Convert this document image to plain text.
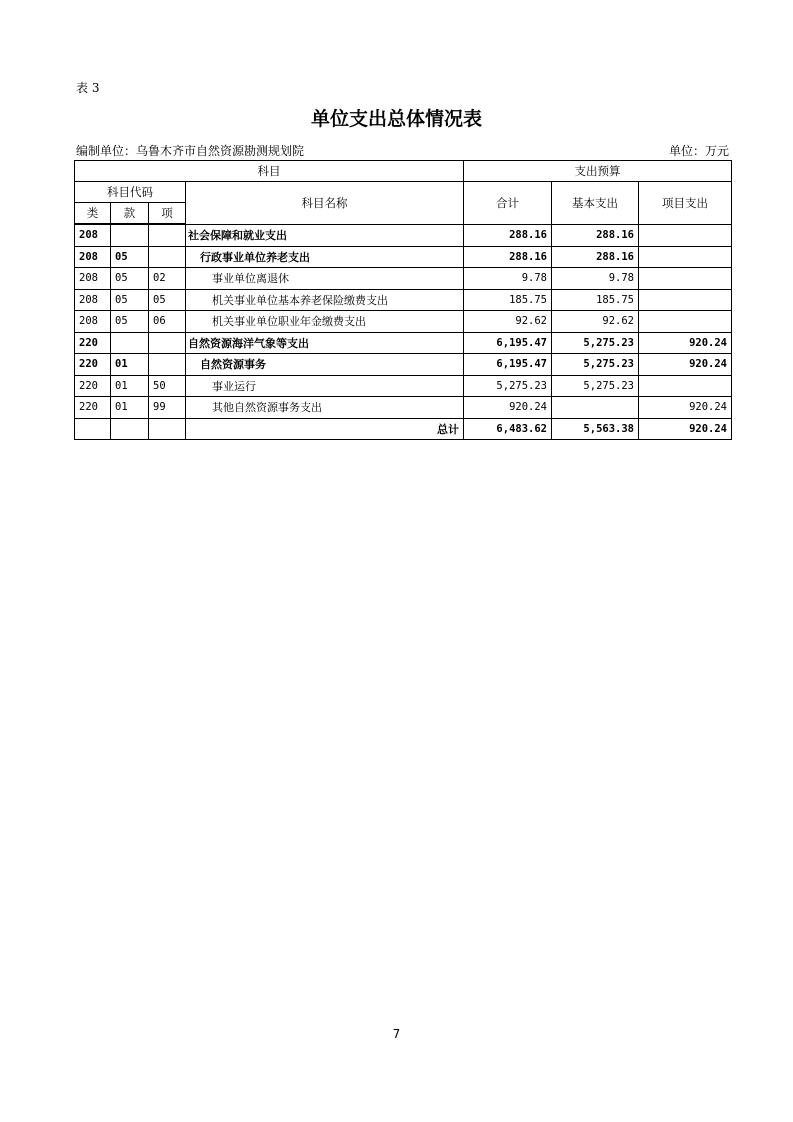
表 3
单位支出总体情况表
编制单位：乌鲁木齐市自然资源勘测规划院	单位：万元
科目				支出预算		
科目代码			科目名称	合计	基本支出	项目支出
类	款	项				
208			社会保障和就业支出	288.16	288.16	
208	05		行政事业单位养老支出	288.16	288.16	
208	05	02	事业单位离退休	9.78	9.78	
208	05	05	机关事业单位基本养老保险缴费支出	185.75	185.75	
208	05	06	机关事业单位职业年金缴费支出	92.62	92.62	
220			自然资源海洋气象等支出	6,195.47	5,275.23	920.24
220	01		自然资源事务	6,195.47	5,275.23	920.24
220	01	50	事业运行	5,275.23	5,275.23	
220	01	99	其他自然资源事务支出	920.24		920.24
			总计	6,483.62	5,563.38	920.24
7
